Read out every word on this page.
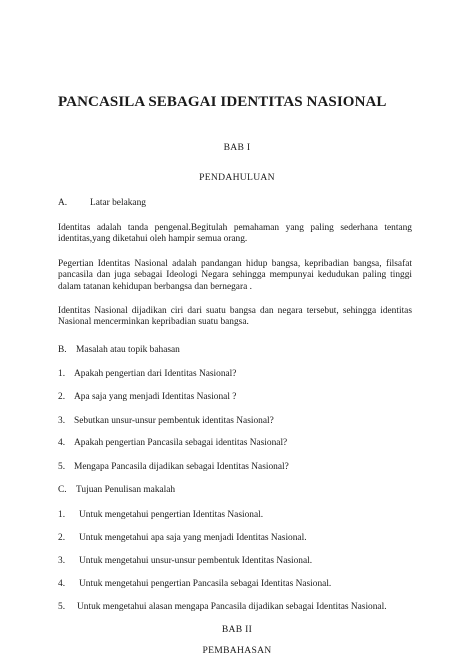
PANCASILA SEBAGAI IDENTITAS NASIONAL
BAB I
PENDAHULUAN
A. Latar belakang
Identitas adalah tanda pengenal.Begitulah pemahaman yang paling sederhana tentang identitas,yang diketahui oleh hampir semua orang.
Pegertian Identitas Nasional adalah pandangan hidup bangsa, kepribadian bangsa, filsafat pancasila dan juga sebagai Ideologi Negara sehingga mempunyai kedudukan paling tinggi dalam tatanan kehidupan berbangsa dan bernegara .
Identitas Nasional dijadikan ciri dari suatu bangsa dan negara tersebut, sehingga identitas Nasional mencerminkan kepribadian suatu bangsa.
B. Masalah atau topik bahasan
1. Apakah pengertian dari Identitas Nasional?
2. Apa saja yang menjadi Identitas Nasional ?
3. Sebutkan unsur-unsur pembentuk identitas Nasional?
4. Apakah pengertian Pancasila sebagai identitas Nasional?
5. Mengapa Pancasila dijadikan sebagai Identitas Nasional?
C. Tujuan Penulisan makalah
1. Untuk mengetahui pengertian Identitas Nasional.
2. Untuk mengetahui apa saja yang menjadi Identitas Nasional.
3. Untuk mengetahui unsur-unsur pembentuk Identitas Nasional.
4. Untuk mengetahui pengertian Pancasila sebagai Identitas Nasional.
5. Untuk mengetahui alasan mengapa Pancasila dijadikan sebagai Identitas Nasional.
BAB II
PEMBAHASAN
